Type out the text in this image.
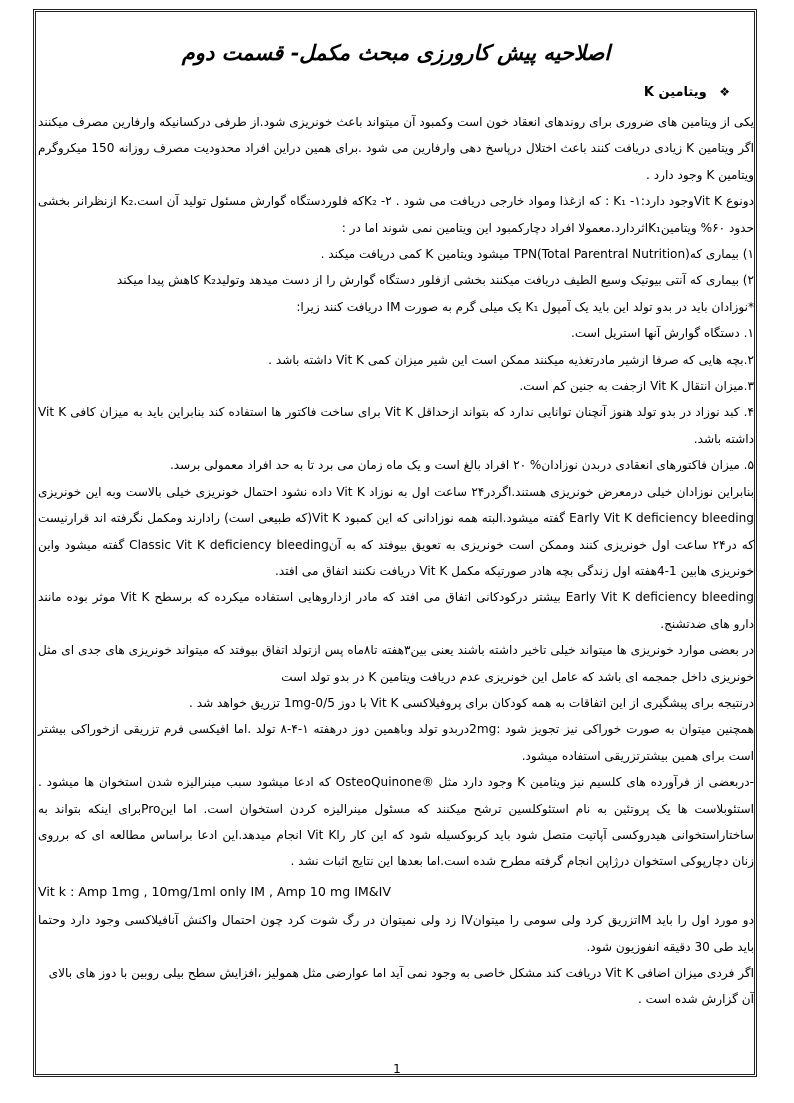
اصلاحیه پیش کارورزی مبحث مکمل- قسمت دوم
❖ ویتامین K

یکی از ویتامین های ضروری برای روندهای انعقاد خون است وکمبود آن میتواند باعث خونریزی شود.از طرفی درکسانیکه وارفارین مصرف میکنند اگر ویتامین K زیادی دریافت کنند باعث اختلال درپاسخ دهی وارفارین می شود .برای همین دراین افراد محدودیت مصرف روزانه 150 میکروگرم ویتامین K وجود دارد .

دونوع Vit Kوجود دارد:۱- K₁ : که ازغذا ومواد خارجی دریافت می شود . ۲- K₂که فلوردستگاه گوارش مسئول تولید آن است.K₂ ازنظرانر بخشی حدود ۶۰% ویتامینK₁اثردارد.معمولا افراد دچارکمبود این ویتامین نمی شوند اما در :

۱) بیماری کهTPN(Total Parentral Nutrition) میشود ویتامین K کمی دریافت میکند .

۲) بیماری که آنتی بیوتیک وسیع الطیف دریافت میکنند بخشی ازفلور دستگاه گوارش را از دست میدهد وتولیدK₂ کاهش پیدا میکند

*نوزادان باید در بدو تولد این باید یک آمپول K₁ یک میلی گرم به صورت IM دریافت کنند زیرا:

۱. دستگاه گوارش آنها استریل است.

۲.بچه هایی که صرفا ازشیر مادرتغذیه میکنند ممکن است این شیر میزان کمی Vit K داشته باشد .

۳.میزان انتقال Vit K ازجفت به جنین کم است.

۴. کبد نوزاد در بدو تولد هنوز آنچنان توانایی ندارد که بتواند ازحداقل Vit K برای ساخت فاکتور ها استفاده کند بنابراین باید به میزان کافی Vit K داشته باشد.

۵. میزان فاکتورهای انعقادی دربدن نوزادان% ۲۰ افراد بالغ است و یک ماه زمان می برد تا به حد افراد معمولی برسد.

بنابراین نوزادان خیلی درمعرض خونریزی هستند.اگردر۲۴ ساعت اول به نوزاد Vit K داده نشود احتمال خونریزی خیلی بالاست وبه این خونریزی Early Vit K deficiency bleeding گفته میشود.البته همه نوزادانی که این کمبود Vit K(که طبیعی است) رادارند ومکمل نگرفته اند قرارنیست که در۲۴ ساعت اول خونریزی کنند وممکن است خونریزی به تعویق بیوفتد که به آنClassic Vit K deficiency bleeding گفته میشود واین خونریزی هابین 1-4هفته اول زندگی بچه هادر صورتیکه مکمل Vit K دریافت نکنند اتفاق می افتد.

Early Vit K deficiency bleeding بیشتر درکودکانی اتفاق می افتد که مادر ازداروهایی استفاده میکرده که برسطح Vit K موثر بوده مانند دارو های ضدتشنج.

در بعضی موارد خونریزی ها میتواند خیلی تاخیر داشته باشند یعنی بین۳هفته تا۸ماه پس ازتولد اتفاق بیوفتد که میتواند خونریزی های جدی ای مثل خونریزی داخل جمجمه ای باشد که عامل این خونریزی عدم دریافت ویتامین K در بدو تولد است

درنتیجه برای پیشگیری از این اتفاقات به همه کودکان برای پروفیلاکسی Vit K با دوز 0/5-1mg تزریق خواهد شد .

همچنین میتوان به صورت خوراکی نیز تجویز شود :2mgدربدو تولد وباهمین دوز درهفته ۱-۴-۸ تولد .اما افیکسی فرم تزریقی ازخوراکی بیشتر است برای همین بیشترتزریقی استفاده میشود.

-دربعضی از فرآورده های کلسیم نیز ویتامین K وجود دارد مثل ®OsteoQuinone که ادعا میشود سبب مینرالیزه شدن استخوان ها میشود . استئوبلاست ها یک پروتئین به نام استئوکلسین ترشح میکنند که مسئول مینرالیزه کردن استخوان است. اما اینProبرای اینکه بتواند به ساختاراستخوانی هیدروکسی آپاتیت متصل شود باید کربوکسیله شود که این کار راVit K انجام میدهد.این ادعا براساس مطالعه ای که برروی زنان دچارپوکی استخوان درژاپن انجام گرفته مطرح شده است.اما بعدها این نتایج اثبات نشد .

Vit k : Amp 1mg , 10mg/1ml only IM , Amp 10 mg IM&IV

دو مورد اول را باید IMتزریق کرد ولی سومی را میتوانIV زد ولی نمیتوان در رگ شوت کرد چون احتمال واکنش آنافیلاکسی وجود دارد وحتما باید طی 30 دقیقه انفوزیون شود.

اگر فردی میزان اضافی Vit K دریافت کند مشکل خاصی به وجود نمی آید اما عوارضی مثل همولیز ،افزایش سطح بیلی روبین با دوز های بالای آن گزارش شده است .

1
